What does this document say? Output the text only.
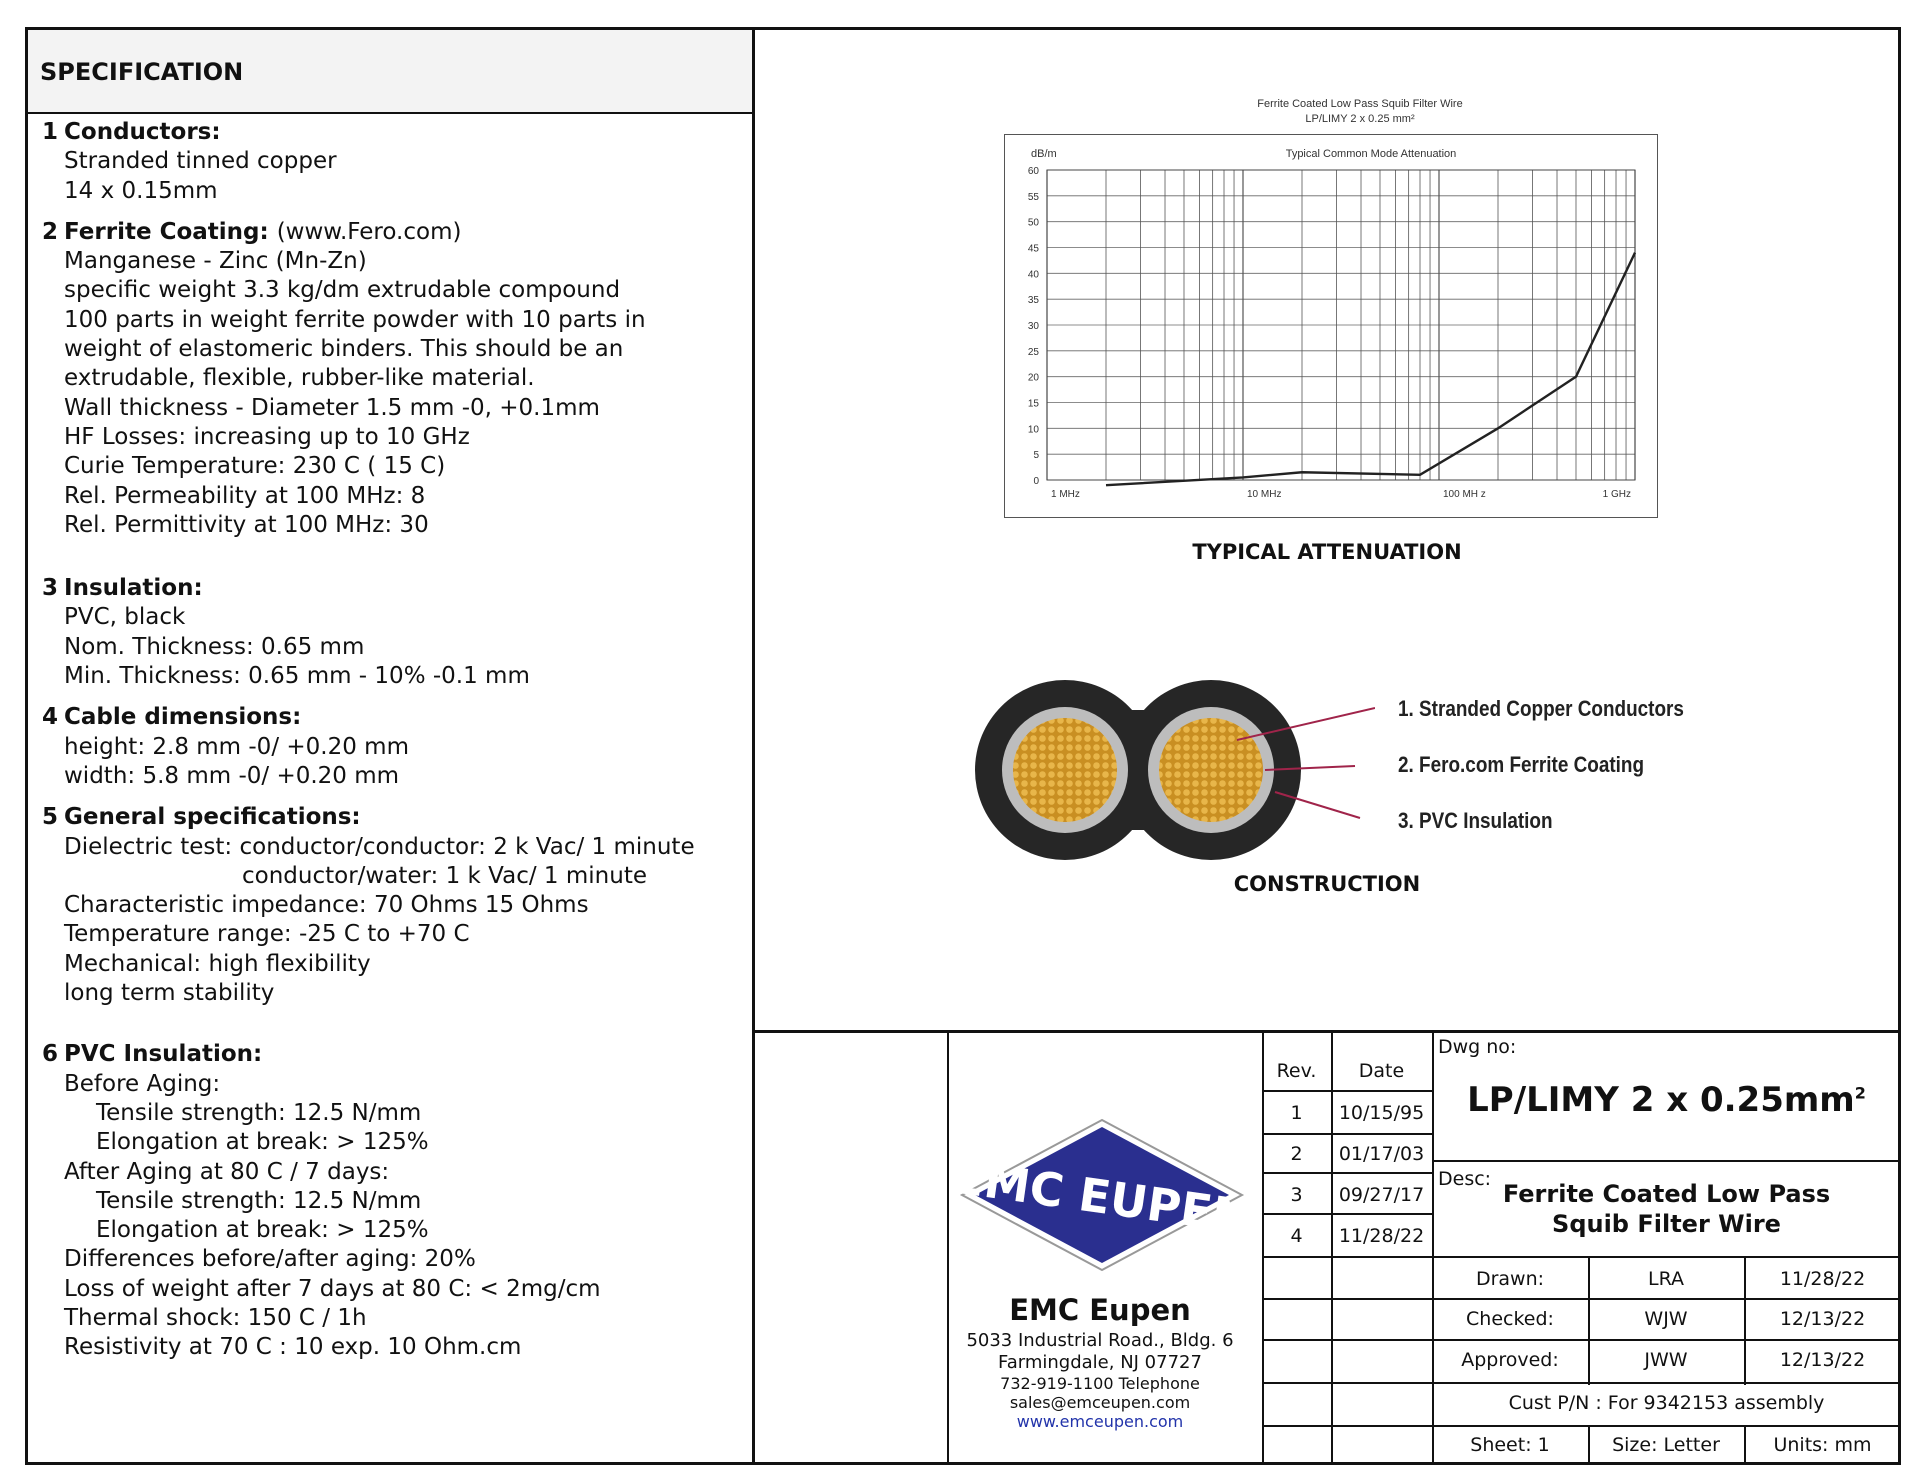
SPECIFICATION
1 Conductors:
Stranded tinned copper
14 x 0.15mm
2 Ferrite Coating: (www.Fero.com)
Manganese - Zinc (Mn-Zn)
specific weight 3.3 kg/dm extrudable compound
100 parts in weight ferrite powder with 10 parts in
weight of elastomeric binders. This should be an
extrudable, flexible, rubber-like material.
Wall thickness - Diameter 1.5 mm -0, +0.1mm
HF Losses: increasing up to 10 GHz
Curie Temperature: 230 C ( 15 C)
Rel. Permeability at 100 MHz: 8
Rel. Permittivity at 100 MHz: 30
3 Insulation:
PVC, black
Nom. Thickness: 0.65 mm
Min. Thickness: 0.65 mm - 10% -0.1 mm
4 Cable dimensions:
height: 2.8 mm -0/ +0.20 mm
width: 5.8 mm -0/ +0.20 mm
5 General specifications:
Dielectric test: conductor/conductor: 2 k Vac/ 1 minute
conductor/water: 1 k Vac/ 1 minute
Characteristic impedance: 70 Ohms 15 Ohms
Temperature range: -25 C to +70 C
Mechanical: high flexibility
long term stability
6 PVC Insulation:
Before Aging:
Tensile strength: 12.5 N/mm
Elongation at break: > 125%
After Aging at 80 C / 7 days:
Tensile strength: 12.5 N/mm
Elongation at break: > 125%
Differences before/after aging: 20%
Loss of weight after 7 days at 80 C: < 2mg/cm
Thermal shock: 150 C / 1h
Resistivity at 70 C : 10 exp. 10 Ohm.cm
Ferrite Coated Low Pass Squib Filter Wire
LP/LIMY 2 x 0.25 mm²
60
55
50
45
40
35
30
25
20
15
10
5
0
1 MHz	10 MHz	100 MH z	1 GHz
dB/m	Typical Common Mode Attenuation
TYPICAL ATTENUATION
1. Stranded Copper Conductors
2. Fero.com Ferrite Coating
3. PVC Insulation
CONSTRUCTION
Rev.	Date
1	10/15/95
2	01/17/03
3	09/27/17
4	11/28/22
Dwg no:
LP/LIMY 2 x $0.25mm^2$
Desc:
Ferrite Coated Low Pass
Squib Filter Wire
Drawn:	LRA	11/28/22
Checked:	WJW	12/13/22
Approved:	JWW	12/13/22
Cust P/N : For 9342153 assembly
Sheet: 1	Size: Letter	Units: mm
EMC EUPEN
EMC Eupen
5033 Industrial Road., Bldg. 6
Farmingdale, NJ 07727
732-919-1100 Telephone
sales@emceupen.com
www.emceupen.com
